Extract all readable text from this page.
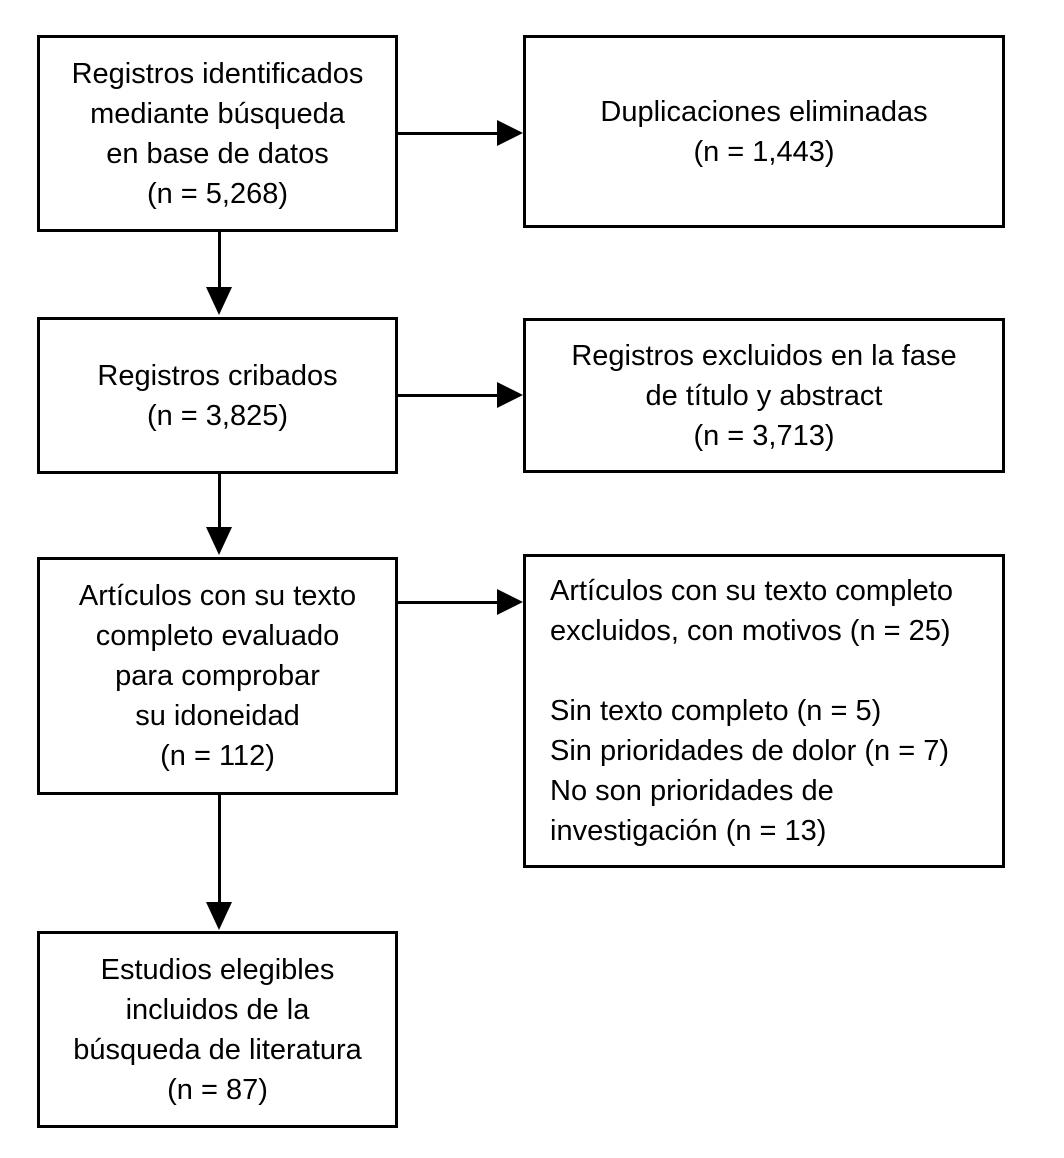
Registros identificados
mediante búsqueda
en base de datos
(n = 5,268)
Duplicaciones eliminadas
(n = 1,443)
Registros cribados
(n = 3,825)
Registros excluidos en la fase
de título y abstract
(n = 3,713)
Artículos con su texto
completo evaluado
para comprobar
su idoneidad
(n = 112)
Artículos con su texto completo
excluidos, con motivos (n = 25)
Sin texto completo (n = 5)
Sin prioridades de dolor (n = 7)
No son prioridades de
investigación (n = 13)
Estudios elegibles
incluidos de la
búsqueda de literatura
(n = 87)
